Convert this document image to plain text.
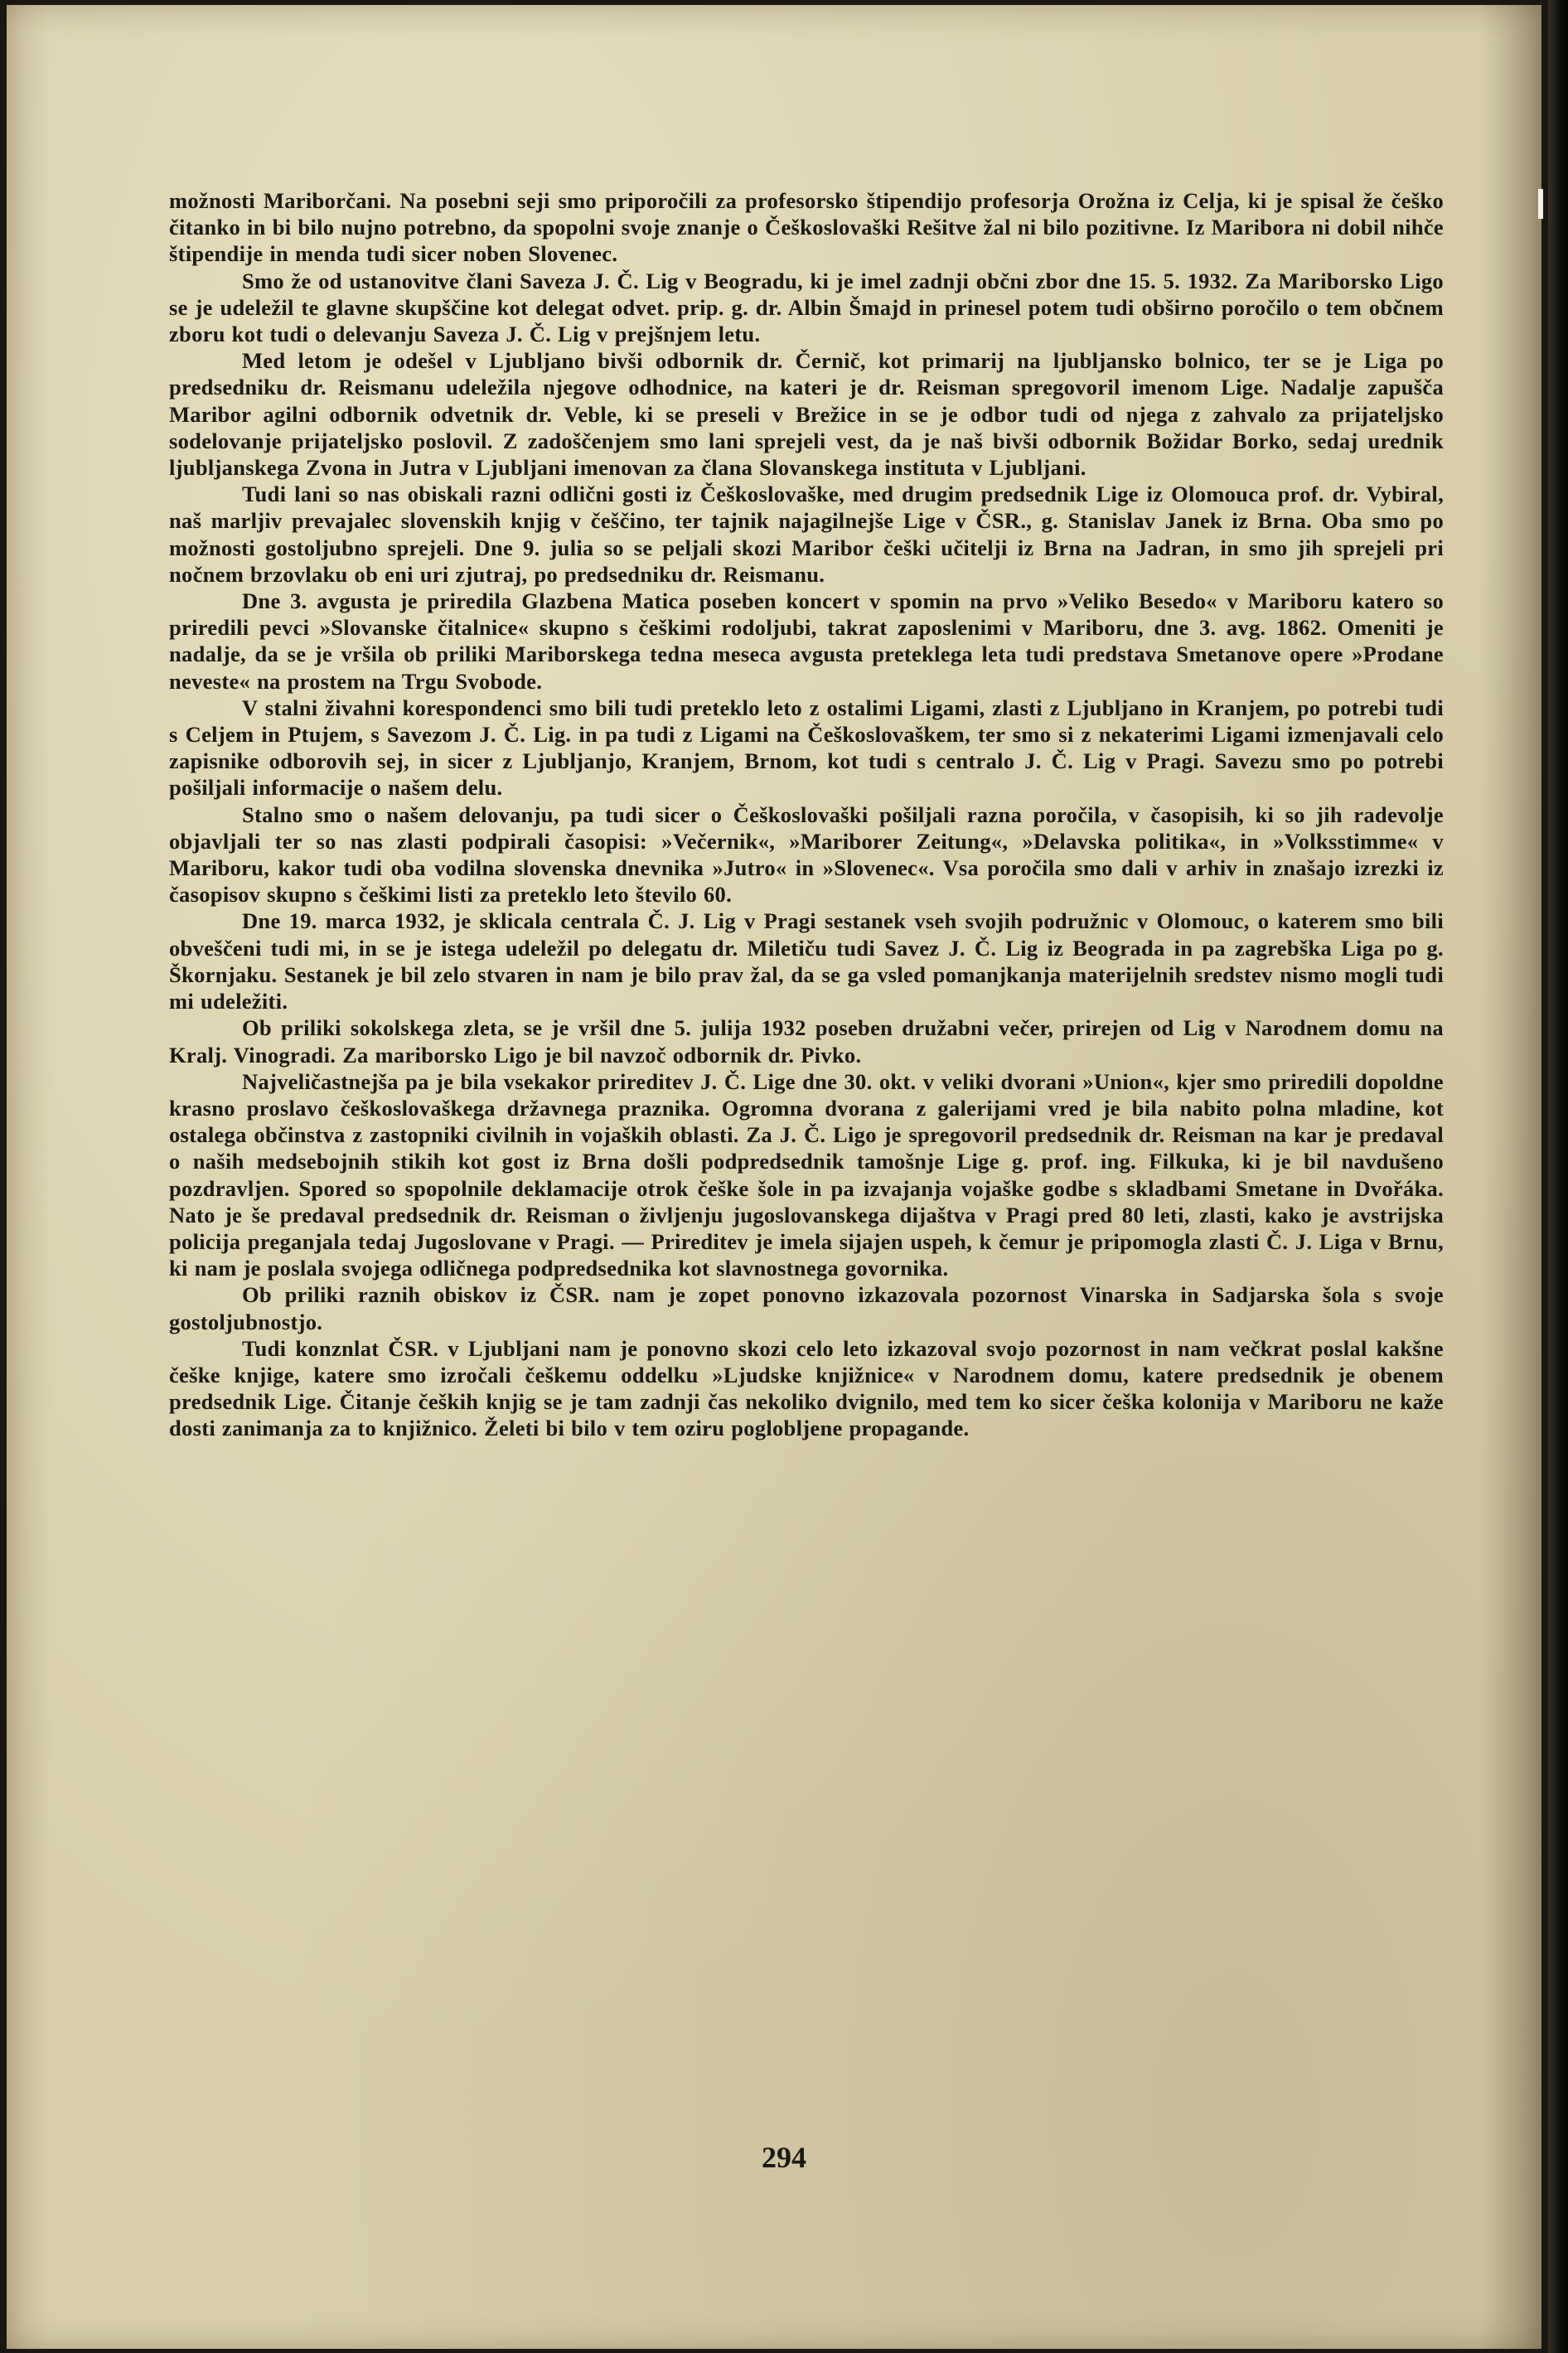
možnosti Mariborčani. Na posebni seji smo priporočili za profesorsko štipendijo profesorja Orožna iz Celja, ki je spisal že češko čitanko in bi bilo nujno potrebno, da spopolni svoje znanje o Češkoslovaški Rešitve žal ni bilo pozitivne. Iz Maribora ni dobil nihče štipendije in menda tudi sicer noben Slovenec.

Smo že od ustanovitve člani Saveza J. Č. Lig v Beogradu, ki je imel zadnji občni zbor dne 15. 5. 1932. Za Mariborsko Ligo se je udeležil te glavne skupščine kot delegat odvet. prip. g. dr. Albin Šmajd in prinesel potem tudi obširno poročilo o tem občnem zboru kot tudi o delevanju Saveza J. Č. Lig v prejšnjem letu.

Med letom je odešel v Ljubljano bivši odbornik dr. Černič, kot primarij na ljubljansko bolnico, ter se je Liga po predsedniku dr. Reismanu udeležila njegove odhodnice, na kateri je dr. Reisman spregovoril imenom Lige. Nadalje zapušča Maribor agilni odbornik odvetnik dr. Veble, ki se preseli v Brežice in se je odbor tudi od njega z zahvalo za prijateljsko sodelovanje prijateljsko poslovil. Z zadoščenjem smo lani sprejeli vest, da je naš bivši odbornik Božidar Borko, sedaj urednik ljubljanskega Zvona in Jutra v Ljubljani imenovan za člana Slovanskega instituta v Ljubljani.

Tudi lani so nas obiskali razni odlični gosti iz Češkoslovaške, med drugim predsednik Lige iz Olomouca prof. dr. Vybiral, naš marljiv prevajalec slovenskih knjig v češčino, ter tajnik najagilnejše Lige v ČSR., g. Stanislav Janek iz Brna. Oba smo po možnosti gostoljubno sprejeli. Dne 9. julia so se peljali skozi Maribor češki učitelji iz Brna na Jadran, in smo jih sprejeli pri nočnem brzovlaku ob eni uri zjutraj, po predsedniku dr. Reismanu.

Dne 3. avgusta je priredila Glazbena Matica poseben koncert v spomin na prvo »Veliko Besedo« v Mariboru katero so priredili pevci »Slovanske čitalnice« skupno s češkimi rodoljubi, takrat zaposlenimi v Mariboru, dne 3. avg. 1862. Omeniti je nadalje, da se je vršila ob priliki Mariborskega tedna meseca avgusta preteklega leta tudi predstava Smetanove opere »Prodane neveste« na prostem na Trgu Svobode.

V stalni živahni korespondenci smo bili tudi preteklo leto z ostalimi Ligami, zlasti z Ljubljano in Kranjem, po potrebi tudi s Celjem in Ptujem, s Savezom J. Č. Lig. in pa tudi z Ligami na Češkoslovaškem, ter smo si z nekaterimi Ligami izmenjavali celo zapisnike odborovih sej, in sicer z Ljubljanjo, Kranjem, Brnom, kot tudi s centralo J. Č. Lig v Pragi. Savezu smo po potrebi pošiljali informacije o našem delu.

Stalno smo o našem delovanju, pa tudi sicer o Češkoslovaški pošiljali razna poročila, v časopisih, ki so jih radevolje objavljali ter so nas zlasti podpirali časopisi: »Večernik«, »Mariborer Zeitung«, »Delavska politika«, in »Volksstimme« v Mariboru, kakor tudi oba vodilna slovenska dnevnika »Jutro« in »Slovenec«. Vsa poročila smo dali v arhiv in znašajo izrezki iz časopisov skupno s češkimi listi za preteklo leto število 60.

Dne 19. marca 1932, je sklicala centrala Č. J. Lig v Pragi sestanek vseh svojih podružnic v Olomouc, o katerem smo bili obveščeni tudi mi, in se je istega udeležil po delegatu dr. Miletiču tudi Savez J. Č. Lig iz Beograda in pa zagrebška Liga po g. Škornjaku. Sestanek je bil zelo stvaren in nam je bilo prav žal, da se ga vsled pomanjkanja materijelnih sredstev nismo mogli tudi mi udeležiti.

Ob priliki sokolskega zleta, se je vršil dne 5. julija 1932 poseben družabni večer, prirejen od Lig v Narodnem domu na Kralj. Vinogradi. Za mariborsko Ligo je bil navzoč odbornik dr. Pivko.

Najveličastnejša pa je bila vsekakor prireditev J. Č. Lige dne 30. okt. v veliki dvorani »Union«, kjer smo priredili dopoldne krasno proslavo češkoslovaškega državnega praznika. Ogromna dvorana z galerijami vred je bila nabito polna mladine, kot ostalega občinstva z zastopniki civilnih in vojaških oblasti. Za J. Č. Ligo je spregovoril predsednik dr. Reisman na kar je predaval o naših medsebojnih stikih kot gost iz Brna došli podpredsednik tamošnje Lige g. prof. ing. Filkuka, ki je bil navdušeno pozdravljen. Spored so spopolnile deklamacije otrok češke šole in pa izvajanja vojaške godbe s skladbami Smetane in Dvořáka. Nato je še predaval predsednik dr. Reisman o življenju jugoslovanskega dijaštva v Pragi pred 80 leti, zlasti, kako je avstrijska policija preganjala tedaj Jugoslovane v Pragi. — Prireditev je imela sijajen uspeh, k čemur je pripomogla zlasti Č. J. Liga v Brnu, ki nam je poslala svojega odličnega podpredsednika kot slavnostnega govornika.

Ob priliki raznih obiskov iz ČSR. nam je zopet ponovno izkazovala pozornost Vinarska in Sadjarska šola s svoje gostoljubnostjo.

Tudi konznlat ČSR. v Ljubljani nam je ponovno skozi celo leto izkazoval svojo pozornost in nam večkrat poslal kakšne češke knjige, katere smo izročali češkemu oddelku »Ljudske knjižnice« v Narodnem domu, katere predsednik je obenem predsednik Lige. Čitanje čeških knjig se je tam zadnji čas nekoliko dvignilo, med tem ko sicer češka kolonija v Mariboru ne kaže dosti zanimanja za to knjižnico. Želeti bi bilo v tem oziru poglobljene propagande.

294
